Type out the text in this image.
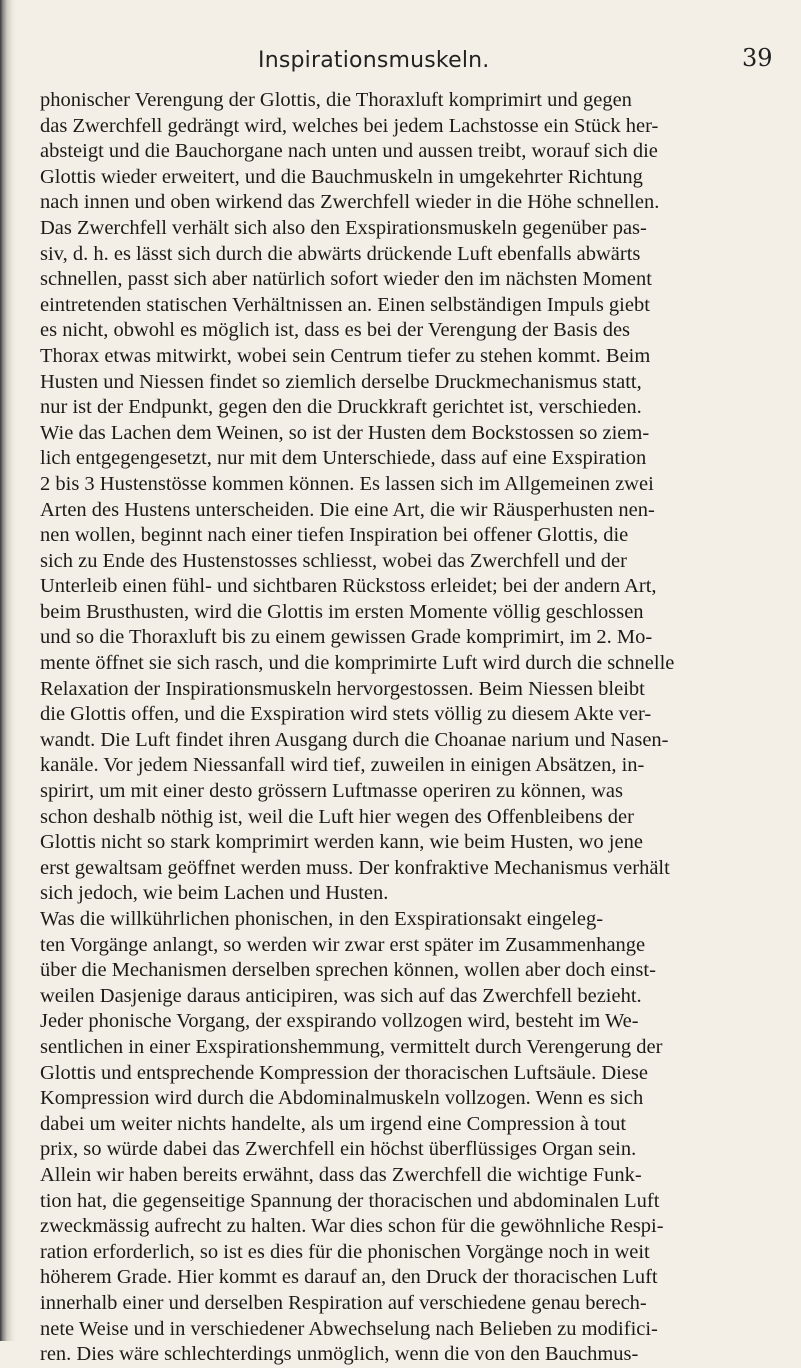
Inspirationsmuskeln.	39
phonischer Verengung der Glottis, die Thoraxluft komprimirt und gegen
das Zwerchfell gedrängt wird, welches bei jedem Lachstosse ein Stück her-
absteigt und die Bauchorgane nach unten und aussen treibt, worauf sich die
Glottis wieder erweitert, und die Bauchmuskeln in umgekehrter Richtung
nach innen und oben wirkend das Zwerchfell wieder in die Höhe schnellen.
Das Zwerchfell verhält sich also den Exspirationsmuskeln gegenüber pas-
siv, d. h. es lässt sich durch die abwärts drückende Luft ebenfalls abwärts
schnellen, passt sich aber natürlich sofort wieder den im nächsten Moment
eintretenden statischen Verhältnissen an. Einen selbständigen Impuls giebt
es nicht, obwohl es möglich ist, dass es bei der Verengung der Basis des
Thorax etwas mitwirkt, wobei sein Centrum tiefer zu stehen kommt. Beim
Husten und Niessen findet so ziemlich derselbe Druckmechanismus statt,
nur ist der Endpunkt, gegen den die Druckkraft gerichtet ist, verschieden.
Wie das Lachen dem Weinen, so ist der Husten dem Bockstossen so ziem-
lich entgegengesetzt, nur mit dem Unterschiede, dass auf eine Exspiration
2 bis 3 Hustenstösse kommen können. Es lassen sich im Allgemeinen zwei
Arten des Hustens unterscheiden. Die eine Art, die wir Räusperhusten nen-
nen wollen, beginnt nach einer tiefen Inspiration bei offener Glottis, die
sich zu Ende des Hustenstosses schliesst, wobei das Zwerchfell und der
Unterleib einen fühl- und sichtbaren Rückstoss erleidet; bei der andern Art,
beim Brusthusten, wird die Glottis im ersten Momente völlig geschlossen
und so die Thoraxluft bis zu einem gewissen Grade komprimirt, im 2. Mo-
mente öffnet sie sich rasch, und die komprimirte Luft wird durch die schnelle
Relaxation der Inspirationsmuskeln hervorgestossen. Beim Niessen bleibt
die Glottis offen, und die Exspiration wird stets völlig zu diesem Akte ver-
wandt. Die Luft findet ihren Ausgang durch die Choanae narium und Nasen-
kanäle. Vor jedem Niessanfall wird tief, zuweilen in einigen Absätzen, in-
spirirt, um mit einer desto grössern Luftmasse operiren zu können, was
schon deshalb nöthig ist, weil die Luft hier wegen des Offenbleibens der
Glottis nicht so stark komprimirt werden kann, wie beim Husten, wo jene
erst gewaltsam geöffnet werden muss. Der konfraktive Mechanismus verhält
sich jedoch, wie beim Lachen und Husten.
Was die willkührlichen phonischen, in den Exspirationsakt eingeleg-
ten Vorgänge anlangt, so werden wir zwar erst später im Zusammenhange
über die Mechanismen derselben sprechen können, wollen aber doch einst-
weilen Dasjenige daraus anticipiren, was sich auf das Zwerchfell bezieht.
Jeder phonische Vorgang, der exspirando vollzogen wird, besteht im We-
sentlichen in einer Exspirationshemmung, vermittelt durch Verengerung der
Glottis und entsprechende Kompression der thoracischen Luftsäule. Diese
Kompression wird durch die Abdominalmuskeln vollzogen. Wenn es sich
dabei um weiter nichts handelte, als um irgend eine Compression à tout
prix, so würde dabei das Zwerchfell ein höchst überflüssiges Organ sein.
Allein wir haben bereits erwähnt, dass das Zwerchfell die wichtige Funk-
tion hat, die gegenseitige Spannung der thoracischen und abdominalen Luft
zweckmässig aufrecht zu halten. War dies schon für die gewöhnliche Respi-
ration erforderlich, so ist es dies für die phonischen Vorgänge noch in weit
höherem Grade. Hier kommt es darauf an, den Druck der thoracischen Luft
innerhalb einer und derselben Respiration auf verschiedene genau berech-
nete Weise und in verschiedener Abwechselung nach Belieben zu modifici-
ren. Dies wäre schlechterdings unmöglich, wenn die von den Bauchmus-
